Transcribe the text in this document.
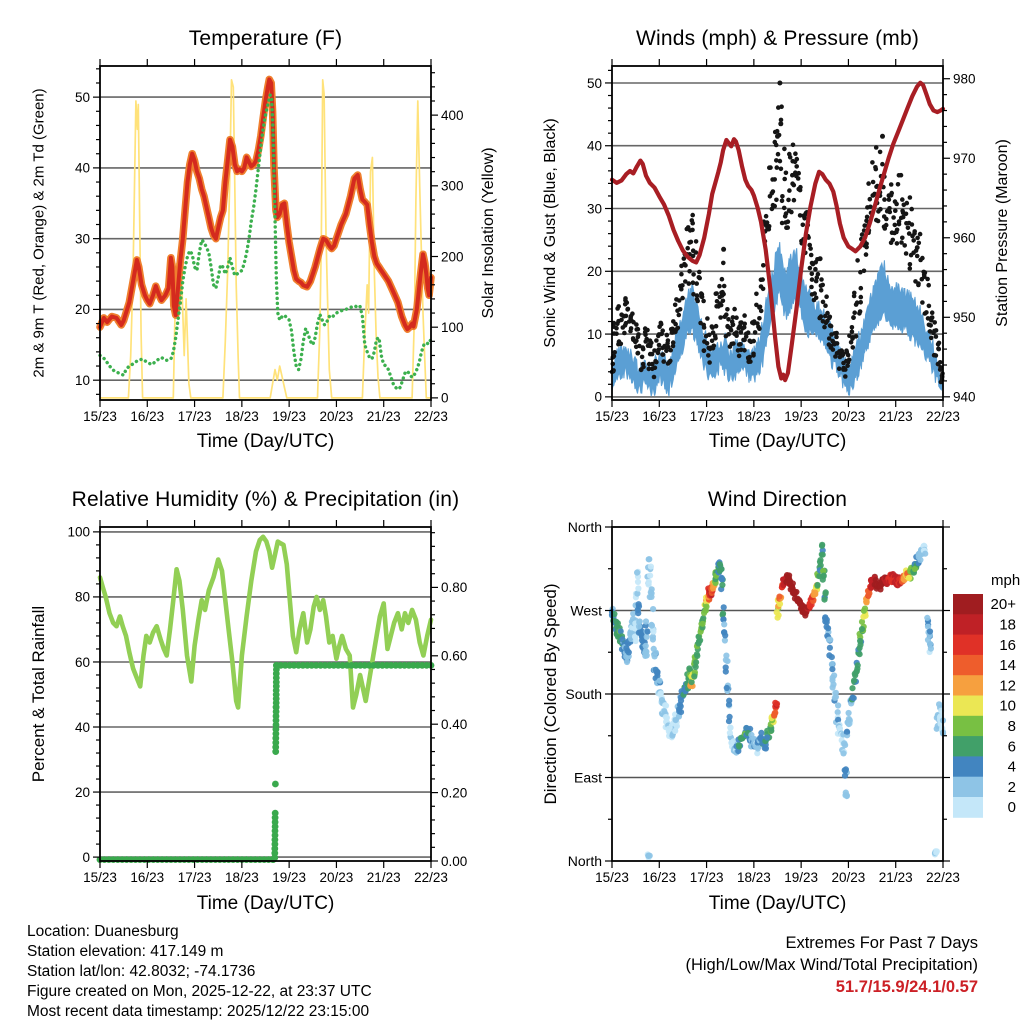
15/23 16/23 17/23 18/23 19/23 20/23 21/23 22/23
10
20
30
40
50
0
100
200
300
400
15/23 16/23 17/23 18/23 19/23 20/23 21/23 22/23
0
10
20
30
40
50
940
950
960
970
980
15/23 16/23 17/23 18/23 19/23 20/23 21/23 22/23
0
20
40
60
80
100
0.00
0.20
0.40
0.60
0.80
15/23 16/23 17/23 18/23 19/23 20/23 21/23 22/23
North
West
South
East
North
20+
18
16
14
12
10
8
6
4
2
0
Temperature (F)	Winds (mph) & Pressure (mb)
Relative Humidity (%) & Precipitation (in)	Wind Direction
Time (Day/UTC)	Time (Day/UTC)
Time (Day/UTC)	Time (Day/UTC)
2m & 9m T (Red, Orange) & 2m Td (Green)	Solar Insolation (Yellow)	Sonic Wind & Gust (Blue, Black)	Station Pressure (Maroon)
Percent & Total Rainfall	Direction (Colored By Speed)
mph
Location: Duanesburg
Station elevation: 417.149 m
Station lat/lon: 42.8032; -74.1736
Figure created on Mon, 2025-12-22, at 23:37 UTC
Most recent data timestamp: 2025/12/22 23:15:00
Extremes For Past 7 Days
(High/Low/Max Wind/Total Precipitation)
51.7/15.9/24.1/0.57
